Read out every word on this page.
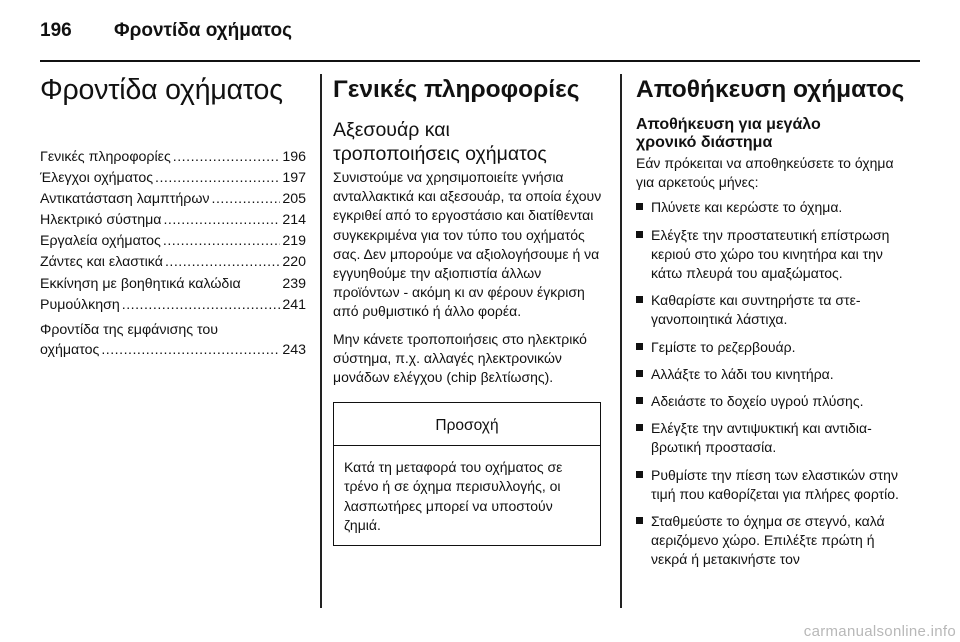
196 Φροντίδα οχήματος
Φροντίδα οχήματος
Γενικές πληροφορίες .....	196
Έλεγχοι οχήματος .....	197
Αντικατάσταση λαμπτήρων .....	205
Ηλεκτρικό σύστημα .....	214
Εργαλεία οχήματος .....	219
Ζάντες και ελαστικά .....	220
Εκκίνηση με βοηθητικά καλώδια	239
Ρυμούλκηση .....	241
Φροντίδα της εμφάνισης του
οχήματος .....	243
Γενικές πληροφορίες
Αξεσουάρ και
τροποποιήσεις οχήματος

Συνιστούμε να χρησιμοποιείτε γνήσια ανταλλακτικά και αξεσουάρ, τα οποία έχουν εγκριθεί από το εργοστάσιο και διατίθενται συγκεκριμένα για τον τύπο του οχήματός σας. Δεν μπορούμε να αξιολογήσουμε ή να εγγυηθούμε την αξιοπιστία άλλων προϊόντων - ακόμη κι αν φέρουν έγκριση από ρυθμιστικό ή άλλο φορέα.

Μην κάνετε τροποποιήσεις στο ηλεκτρικό σύστημα, π.χ. αλλαγές ηλεκτρονικών μονάδων ελέγχου (chip βελτίωσης).

Προσοχή
Κατά τη μεταφορά του οχήματος σε τρένο ή σε όχημα περισυλλογής, οι λασπωτήρες μπορεί να υποστούν ζημιά.
Αποθήκευση οχήματος
Αποθήκευση για μεγάλο
χρονικό διάστημα

Εάν πρόκειται να αποθηκεύσετε το όχημα για αρκετούς μήνες:

Πλύνετε και κερώστε το όχημα.
Ελέγξτε την προστατευτική επίστρωση κεριού στο χώρο του κινητήρα και την κάτω πλευρά του αμαξώματος.
Καθαρίστε και συντηρήστε τα στεγανοποιητικά λάστιχα.
Γεμίστε το ρεζερβουάρ.
Αλλάξτε το λάδι του κινητήρα.
Αδειάστε το δοχείο υγρού πλύσης.
Ελέγξτε την αντιψυκτική και αντιδιαβρωτική προστασία.
Ρυθμίστε την πίεση των ελαστικών στην τιμή που καθορίζεται για πλήρες φορτίο.
Σταθμεύστε το όχημα σε στεγνό, καλά αεριζόμενο χώρο. Επιλέξτε πρώτη ή νεκρά ή μετακινήστε τον
carmanualsonline.info
